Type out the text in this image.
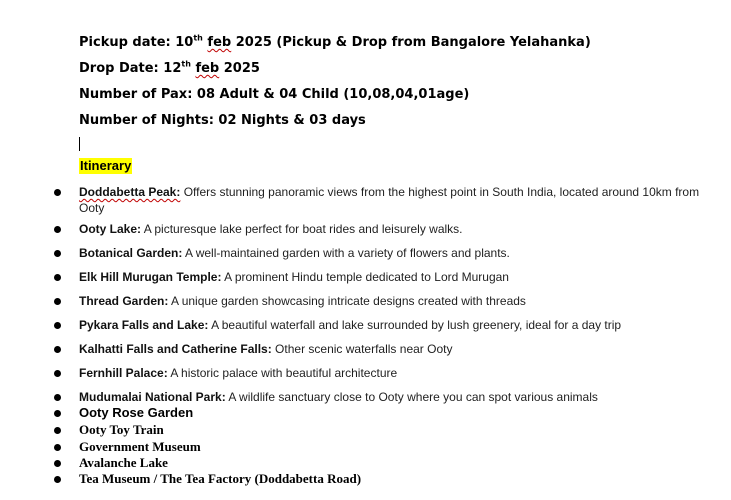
Pickup date: 10th feb 2025 (Pickup & Drop from Bangalore Yelahanka)
Drop Date: 12th feb 2025
Number of Pax: 08 Adult & 04 Child (10,08,04,01age)
Number of Nights: 02 Nights & 03 days
Itinerary
Doddabetta Peak: Offers stunning panoramic views from the highest point in South India, located around 10km from Ooty
Ooty Lake: A picturesque lake perfect for boat rides and leisurely walks.
Botanical Garden: A well-maintained garden with a variety of flowers and plants.
Elk Hill Murugan Temple: A prominent Hindu temple dedicated to Lord Murugan
Thread Garden: A unique garden showcasing intricate designs created with threads
Pykara Falls and Lake: A beautiful waterfall and lake surrounded by lush greenery, ideal for a day trip
Kalhatti Falls and Catherine Falls: Other scenic waterfalls near Ooty
Fernhill Palace: A historic palace with beautiful architecture
Mudumalai National Park: A wildlife sanctuary close to Ooty where you can spot various animals
Ooty Rose Garden
Ooty Toy Train
Government Museum
Avalanche Lake
Tea Museum / The Tea Factory (Doddabetta Road)
